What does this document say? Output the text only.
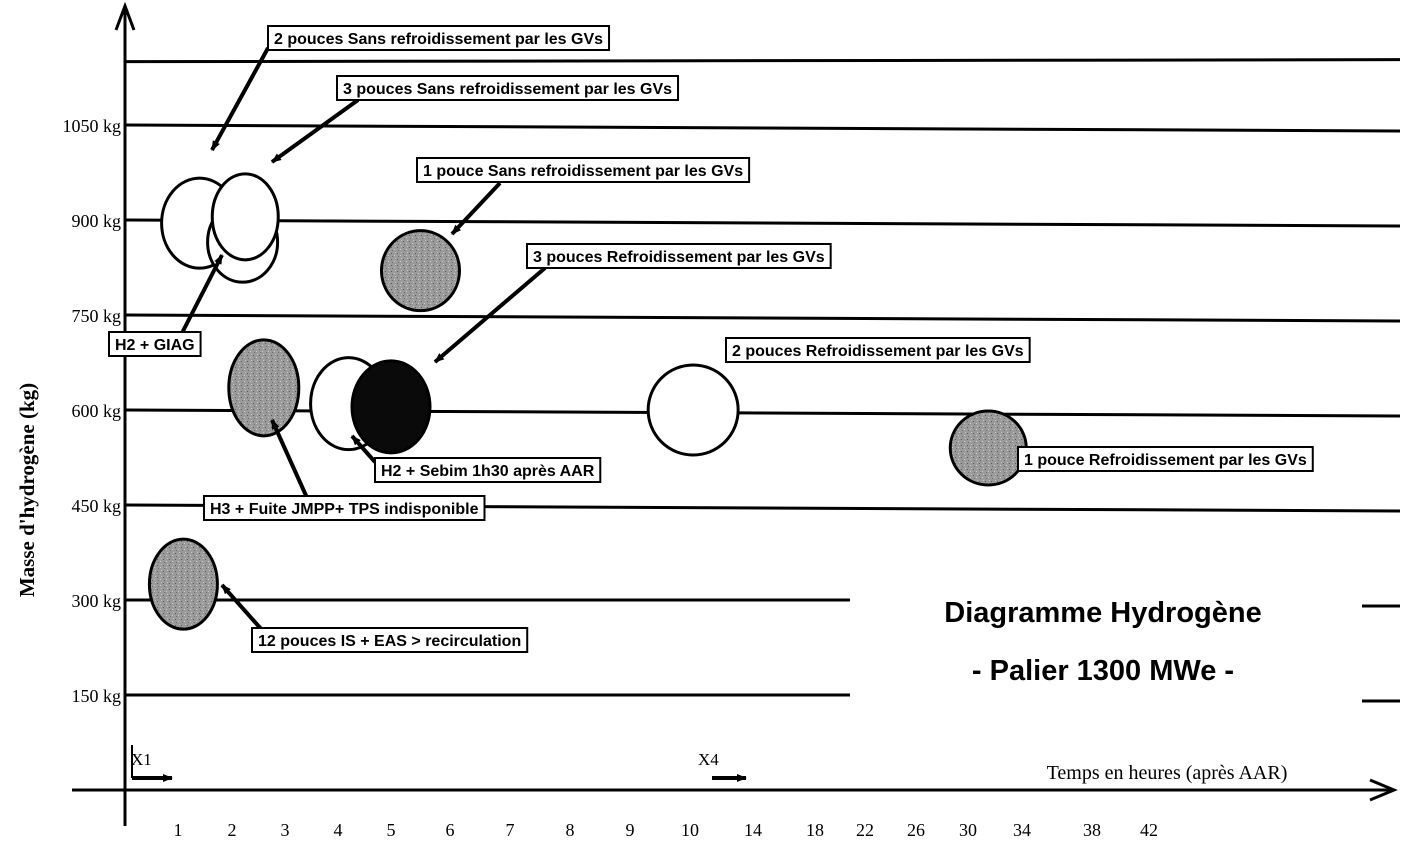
150 kg
300 kg
450 kg
600 kg
750 kg
900 kg
1050 kg
1	2 3 4 5	6	7	8	9	10	14 18 22 26 30 34	38 42
Masse d'hydrogène (kg)
Temps en heures (après AAR)
X1	X4
2 pouces Sans refroidissement par les GVs
3 pouces Sans refroidissement par les GVs
1 pouce Sans refroidissement par les GVs
3 pouces Refroidissement par les GVs
H2 + GIAG	2 pouces Refroidissement par les GVs
1 pouce Refroidissement par les GVs
H2 + Sebim 1h30 après AAR
H3 + Fuite JMPP+ TPS indisponible
12 pouces IS + EAS > recirculation
Diagramme Hydrogène
- Palier 1300 MWe -
